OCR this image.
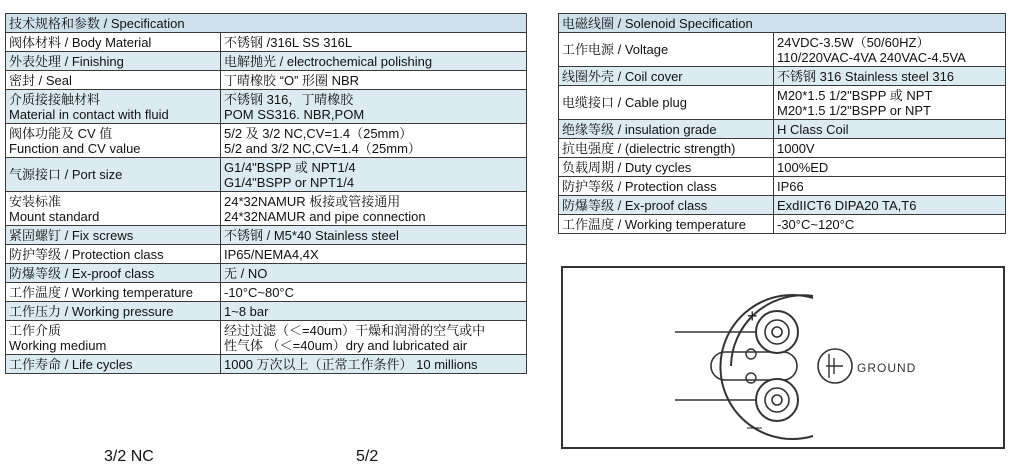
技术规格和参数 / Specification	
阀体材料 / Body Material	不锈钢 /316L SS 316L
外表处理 / Finishing	电解抛光 / electrochemical polishing
密封 / Seal	丁晴橡胶 “O” 形圈 NBR
介质接接触材料
Material in contact with fluid	不锈钢 316，丁晴橡胶
POM SS316. NBR,POM
阀体功能及 CV 值
Function and CV value	5/2 及 3/2 NC,CV=1.4（25mm）
5/2 and 3/2 NC,CV=1.4（25mm）
气源接口 / Port size	G1/4"BSPP 或 NPT1/4
G1/4"BSPP or NPT1/4
安装标准
Mount standard	24*32NAMUR 板接或管接通用
24*32NAMUR and pipe connection
紧固螺钉 / Fix screws	不锈钢 / M5*40 Stainless steel
防护等级 / Protection class	IP65/NEMA4,4X
防爆等级 / Ex-proof class	无 / NO
工作温度 / Working temperature	-10°C~80°C
工作压力 / Working pressure	1~8 bar
工作介质
Working medium	经过过滤（＜=40um）干燥和润滑的空气或中
性气体 （＜=40um）dry and lubricated air
工作寿命 / Life cycles	1000 万次以上（正常工作条件） 10 millions
电磁线圈 / Solenoid Specification	
工作电源 / Voltage	24VDC-3.5W（50/60HZ）
110/220VAC-4VA 240VAC-4.5VA
线圈外壳 / Coil cover	不锈钢 316 Stainless steel 316
电缆接口 / Cable plug	M20*1.5 1/2"BSPP 或 NPT
M20*1.5 1/2"BSPP or NPT
绝缘等级 / insulation grade	H Class Coil
抗电强度 / (dielectric strength)	1000V
负载周期 / Duty cycles	100%ED
防护等级 / Protection class	IP66
防爆等级 / Ex-proof class	ExdIICT6 DIPA20 TA,T6
工作温度 / Working temperature	-30°C~120°C
+
—
GROUND
3/2 NC	5/2
